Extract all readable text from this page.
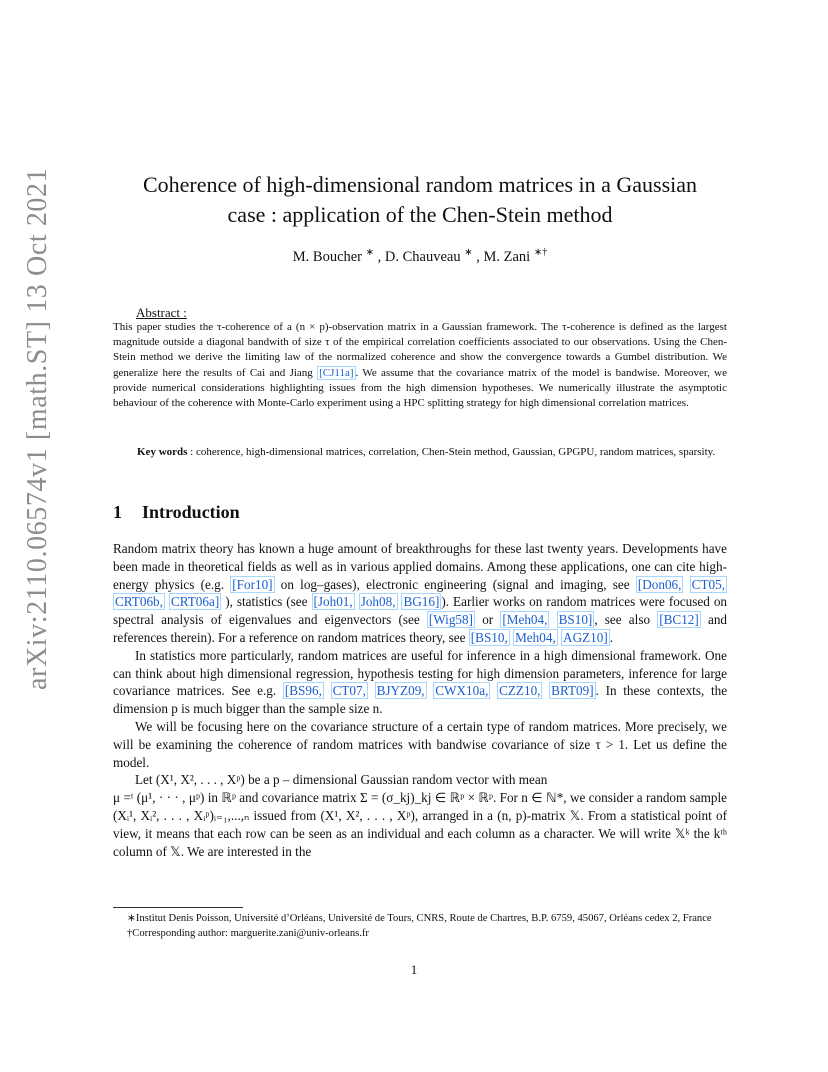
arXiv:2110.06574v1 [math.ST] 13 Oct 2021	Coherence of high-dimensional random matrices in a Gaussian
case : application of the Chen-Stein method
M. Boucher ∗ , D. Chauveau ∗ , M. Zani ∗†
Abstract :
This paper studies the τ-coherence of a (n × p)-observation matrix in a Gaussian framework. The τ-coherence is defined as the largest magnitude outside a diagonal bandwith of size τ of the empirical correlation coefficients associated to our observations. Using the Chen-Stein method we derive the limiting law of the normalized coherence and show the convergence towards a Gumbel distribution. We generalize here the results of Cai and Jiang [CJ11a] . We assume that the covariance matrix of the model is bandwise. Moreover, we provide numerical considerations highlighting issues from the high dimension hypotheses. We numerically illustrate the asymptotic behaviour of the coherence with Monte-Carlo experiment using a HPC splitting strategy for high dimensional correlation matrices.
Key words : coherence, high-dimensional matrices, correlation, Chen-Stein method, Gaussian, GPGPU, random matrices, sparsity.
1 Introduction

Random matrix theory has known a huge amount of breakthroughs for these last twenty years. Developments have been made in theoretical fields as well as in various applied domains. Among these applications, one can cite high-energy physics (e.g. [For10] on log–gases), electronic engineering (signal and imaging, see [Don06, CT05, CRT06b, CRT06a] ), statistics (see [Joh01, Joh08, BG16] ). Earlier works on random matrices were focused on spectral analysis of eigenvalues and eigenvectors (see [Wig58] or [Meh04, BS10] , see also [BC12] and references therein). For a reference on random matrices theory, see [BS10, Meh04, AGZ10] .

In statistics more particularly, random matrices are useful for inference in a high dimensional framework. One can think about high dimensional regression, hypothesis testing for high dimension parameters, inference for large covariance matrices. See e.g. [BS96, CT07, BJYZ09, CWX10a, CZZ10, BRT09] . In these contexts, the dimension p is much bigger than the sample size n.

We will be focusing here on the covariance structure of a certain type of random matrices. More precisely, we will be examining the coherence of random matrices with bandwise covariance of size τ > 1. Let us define the model.

Let (X¹, X², . . . , Xᵖ) be a p – dimensional Gaussian random vector with mean

μ =ᵗ (μ¹, · · · , μᵖ) in ℝᵖ and covariance matrix Σ = (σ_kj)_kj ∈ ℝᵖ × ℝᵖ. For n ∈ ℕ*, we consider a random sample (Xᵢ¹, Xᵢ², . . . , Xᵢᵖ)ᵢ₌₁,...,ₙ issued from (X¹, X², . . . , Xᵖ), arranged in a (n, p)-matrix 𝕏. From a statistical point of view, it means that each row can be seen as an individual and each column as a character. We will write 𝕏ᵏ the kᵗʰ column of 𝕏. We are interested in the

∗Institut Denis Poisson, Université d’Orléans, Université de Tours, CNRS, Route de Chartres, B.P. 6759, 45067, Orléans cedex 2, France

†Corresponding author: marguerite.zani@univ-orleans.fr

1
